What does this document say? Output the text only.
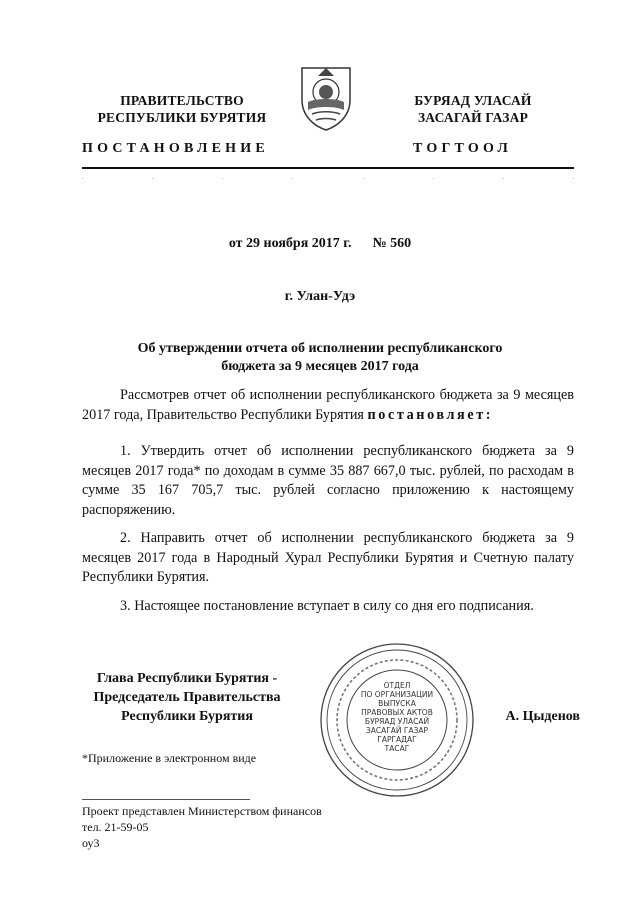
ПРАВИТЕЛЬСТВО
РЕСПУБЛИКИ БУРЯТИЯ
БУРЯАД УЛАСАЙ
ЗАСАГАЙ ГАЗАР
ПОСТАНОВЛЕНИЕ	ТОГТООЛ
от 29 ноября 2017 г. № 560
г. Улан-Удэ
Об утверждении отчета об исполнении республиканского
бюджета за 9 месяцев 2017 года
Рассмотрев отчет об исполнении республиканского бюджета за 9 месяцев 2017 года, Правительство Республики Бурятия постановляет:
1. Утвердить отчет об исполнении республиканского бюджета за 9 месяцев 2017 года* по доходам в сумме 35 887 667,0 тыс. рублей, по расходам в сумме 35 167 705,7 тыс. рублей согласно приложению к настоящему распоряжению.
2. Направить отчет об исполнении республиканского бюджета за 9 месяцев 2017 года в Народный Хурал Республики Бурятия и Счетную палату Республики Бурятия.
3. Настоящее постановление вступает в силу со дня его подписания.
Глава Республики Бурятия -
Председатель Правительства
Республики Бурятия
ОТДЕЛ
ПО ОРГАНИЗАЦИИ
ВЫПУСКА
ПРАВОВЫХ АКТОВ
БУРЯАД УЛАСАЙ
ЗАСАГАЙ ГАЗАР
ГАРГАДАГ
ТАСАГ
А. Цыденов
*Приложение в электронном виде
Проект представлен Министерством финансов
тел. 21-59-05
оу3
